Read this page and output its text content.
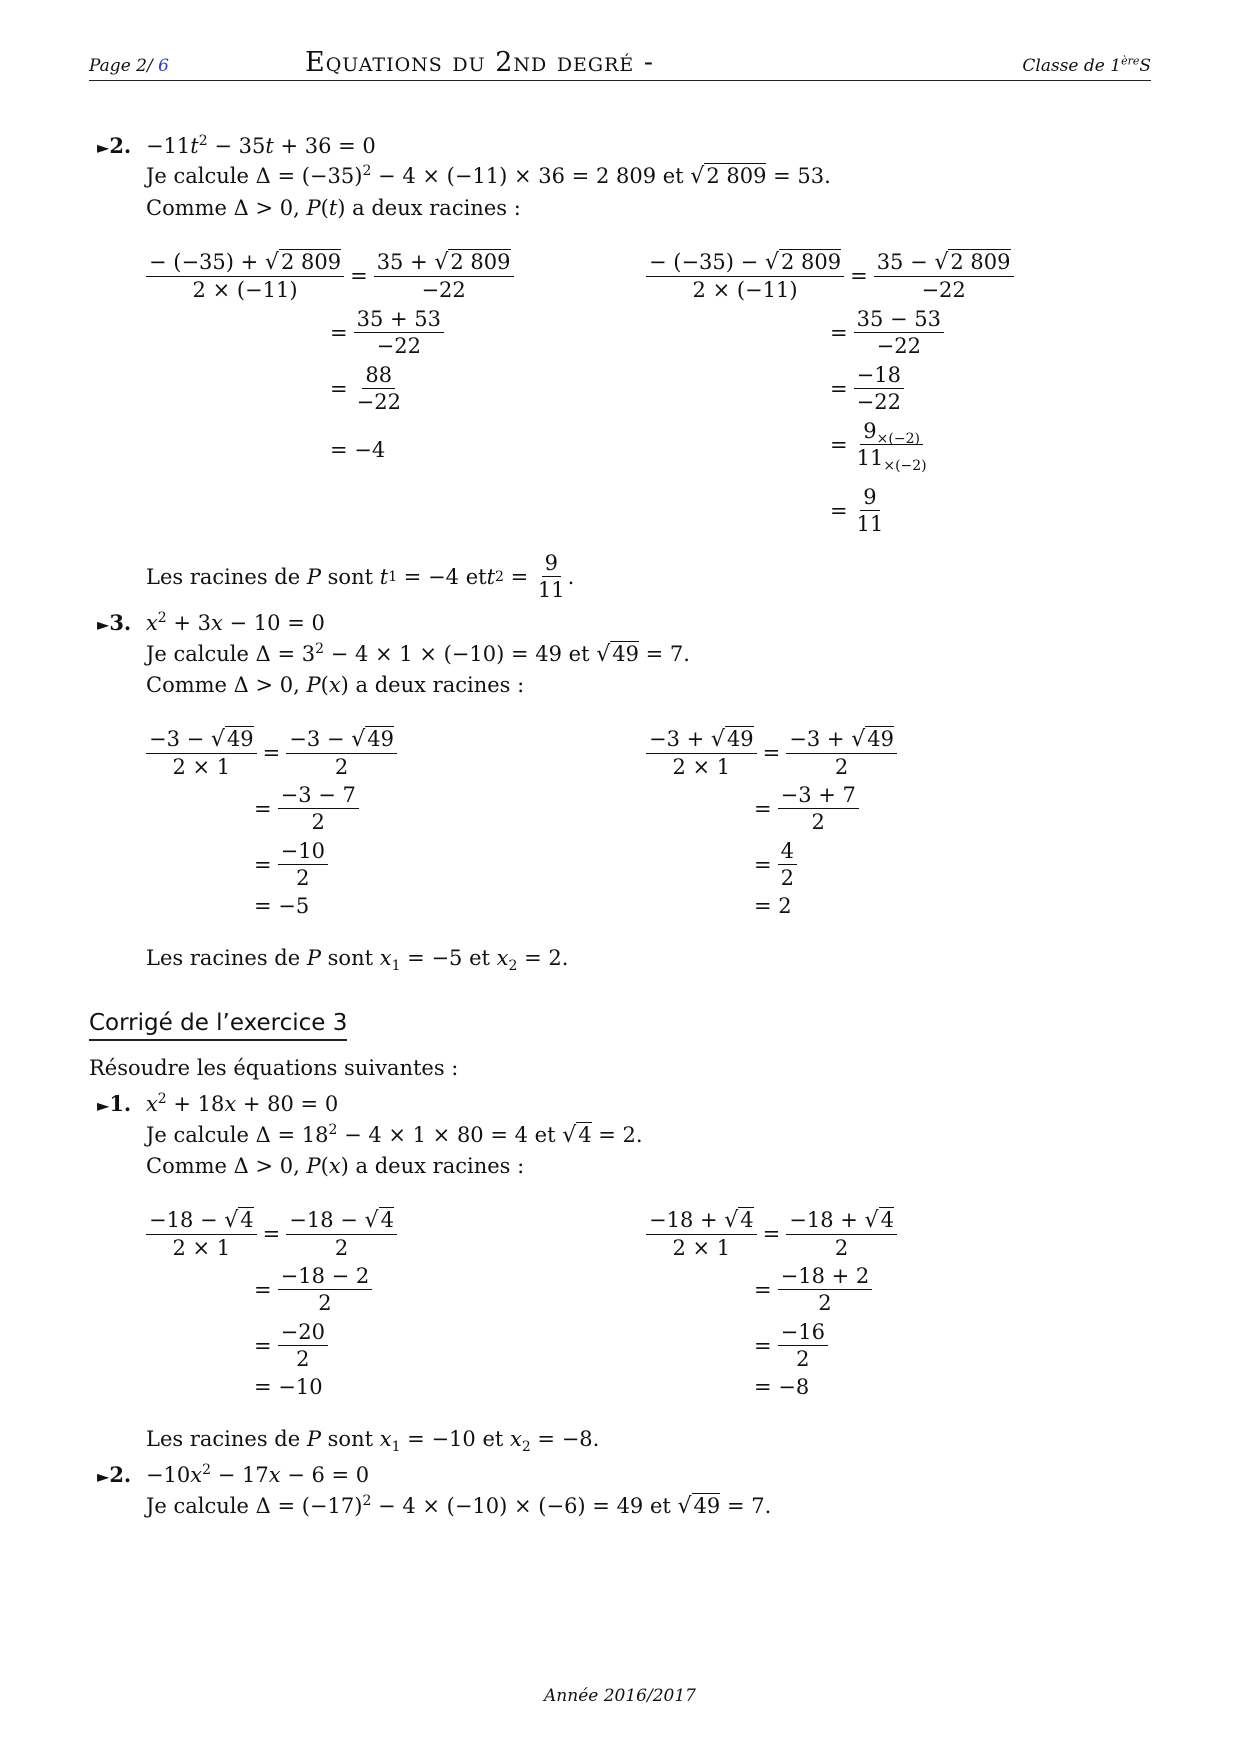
Page 2/ 6	Equations du 2nd degré -	Classe de 1èreS
►2. $-11t^2 - 35t + 36 = 0$
Je calcule $\Delta = (-35)^2 - 4 \times (-11) \times 36 = 2$ 809 et √2 809 = 53.
Comme Δ > 0, P(t) a deux racines :
$\frac{- (-35) + √2 809}{2 \times (-11)} = \frac{35 + √2 809}{-22}$
= $\frac{35 + 53}{-22}$
= $\frac{88}{-22}$
= −4
$\frac{- (-35) - √2 809}{2 \times (-11)} = \frac{35 - √2 809}{-22}$
= $\frac{35 - 53}{-22}$
= $\frac{-18}{-22}$
= $\frac{9_{\times(-2)}}{11_{\times(-2)}}$
= $\frac{9}{11}$
Les racines de
P
sont
t 1 = −4 et t $2 = \frac{9}{11}$ .
►3. $x^2 + 3x - 10 = 0$
Je calcule $\Delta = 3^2 - 4 \times 1 \times (-10) = 49$ et √49 = 7.
Comme Δ > 0, P(x) a deux racines :
$\frac{-3 - √49}{2 \times 1} = \frac{-3 - √49}{2}$
= $\frac{-3 - 7}{2}$
= $\frac{-10}{2}$
= −5
$\frac{-3 + √49}{2 \times 1} = \frac{-3 + √49}{2}$
= $\frac{-3 + 7}{2}$
= $\frac{4}{2}$
= 2
Les racines de P sont $x_1 = -5$ et $x_2 = 2$.
Corrigé de l’exercice 3
Résoudre les équations suivantes :
►1. $x^2 + 18x + 80 = 0$
Je calcule $\Delta = 18^2 - 4 \times 1 \times 80 = 4$ et √4 = 2.
Comme Δ > 0, P(x) a deux racines :
$\frac{-18 - √4}{2 \times 1} = \frac{-18 - √4}{2}$
= $\frac{-18 - 2}{2}$
= $\frac{-20}{2}$
= −10
$\frac{-18 + √4}{2 \times 1} = \frac{-18 + √4}{2}$
= $\frac{-18 + 2}{2}$
= $\frac{-16}{2}$
= −8
Les racines de P sont $x_1 = -10$ et $x_2 = -8$.
►2. $-10x^2 - 17x - 6 = 0$
Je calcule $\Delta = (-17)^2 - 4 \times (-10) \times (-6) = 49$ et √49 = 7.
Année 2016/2017
